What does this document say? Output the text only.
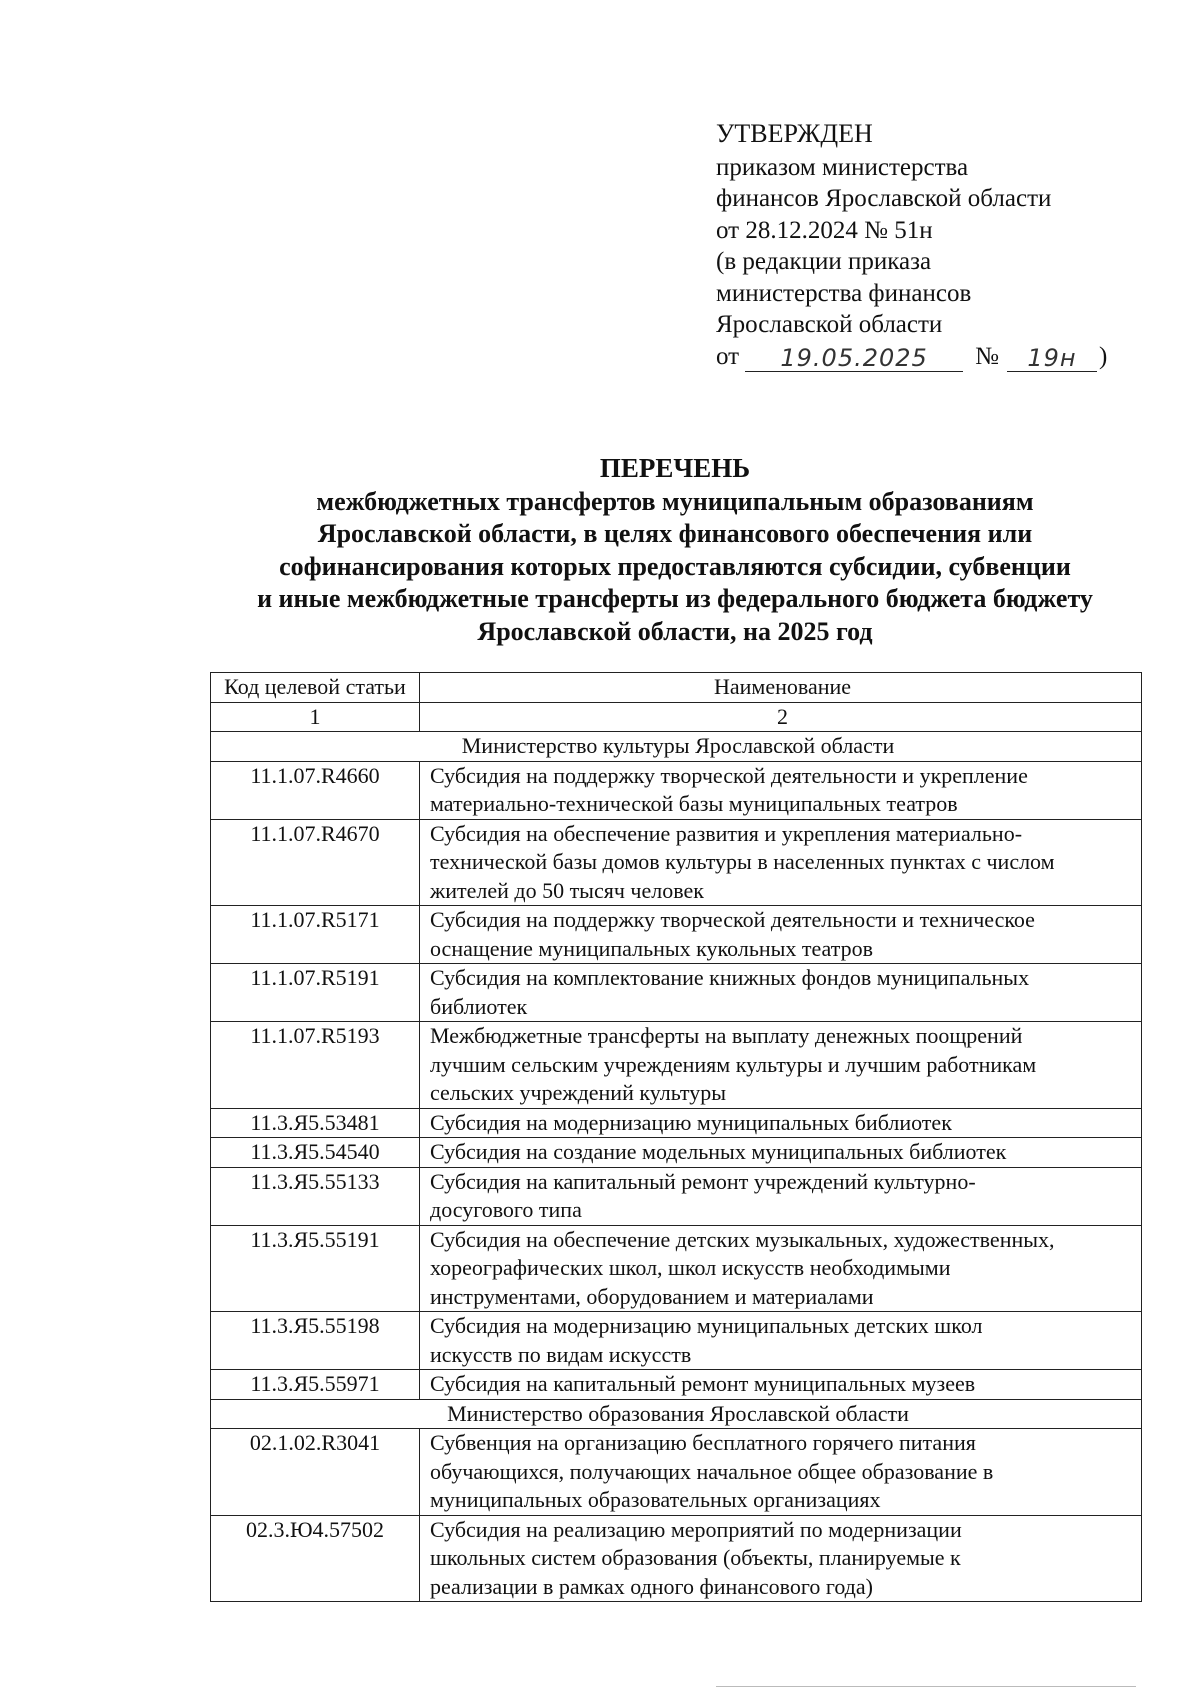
УТВЕРЖДЕН
приказом министерства
финансов Ярославской области
от 28.12.2024 № 51н
(в редакции приказа
министерства финансов
Ярославской области
от	19.05.2025	№	19н )
ПЕРЕЧЕНЬ
межбюджетных трансфертов муниципальным образованиям
Ярославской области, в целях финансового обеспечения или
софинансирования которых предоставляются субсидии, субвенции
и иные межбюджетные трансферты из федерального бюджета бюджету
Ярославской области, на 2025 год
Код целевой статьи	Наименование
1	2
Министерство культуры Ярославской области	
11.1.07.R4660	Субсидия на поддержку творческой деятельности и укрепление
материально-технической базы муниципальных театров

11.1.07.R4670	Субсидия на обеспечение развития и укрепления материально-
технической базы домов культуры в населенных пунктах с числом
жителей до 50 тысяч человек

11.1.07.R5171	Субсидия на поддержку творческой деятельности и техническое
оснащение муниципальных кукольных театров

11.1.07.R5191	Субсидия на комплектование книжных фондов муниципальных
библиотек

11.1.07.R5193	Межбюджетные трансферты на выплату денежных поощрений
лучшим сельским учреждениям культуры и лучшим работникам
сельских учреждений культуры

11.3.Я5.53481	Субсидия на модернизацию муниципальных библиотек

11.3.Я5.54540	Субсидия на создание модельных муниципальных библиотек

11.3.Я5.55133	Субсидия на капитальный ремонт учреждений культурно-
досугового типа

11.3.Я5.55191	Субсидия на обеспечение детских музыкальных, художественных,
хореографических школ, школ искусств необходимыми
инструментами, оборудованием и материалами

11.3.Я5.55198	Субсидия на модернизацию муниципальных детских школ
искусств по видам искусств

11.3.Я5.55971	Субсидия на капитальный ремонт муниципальных музеев

Министерство образования Ярославской области	
02.1.02.R3041	Субвенция на организацию бесплатного горячего питания
обучающихся, получающих начальное общее образование в
муниципальных образовательных организациях

02.3.Ю4.57502	Субсидия на реализацию мероприятий по модернизации
школьных систем образования (объекты, планируемые к
реализации в рамках одного финансового года)
